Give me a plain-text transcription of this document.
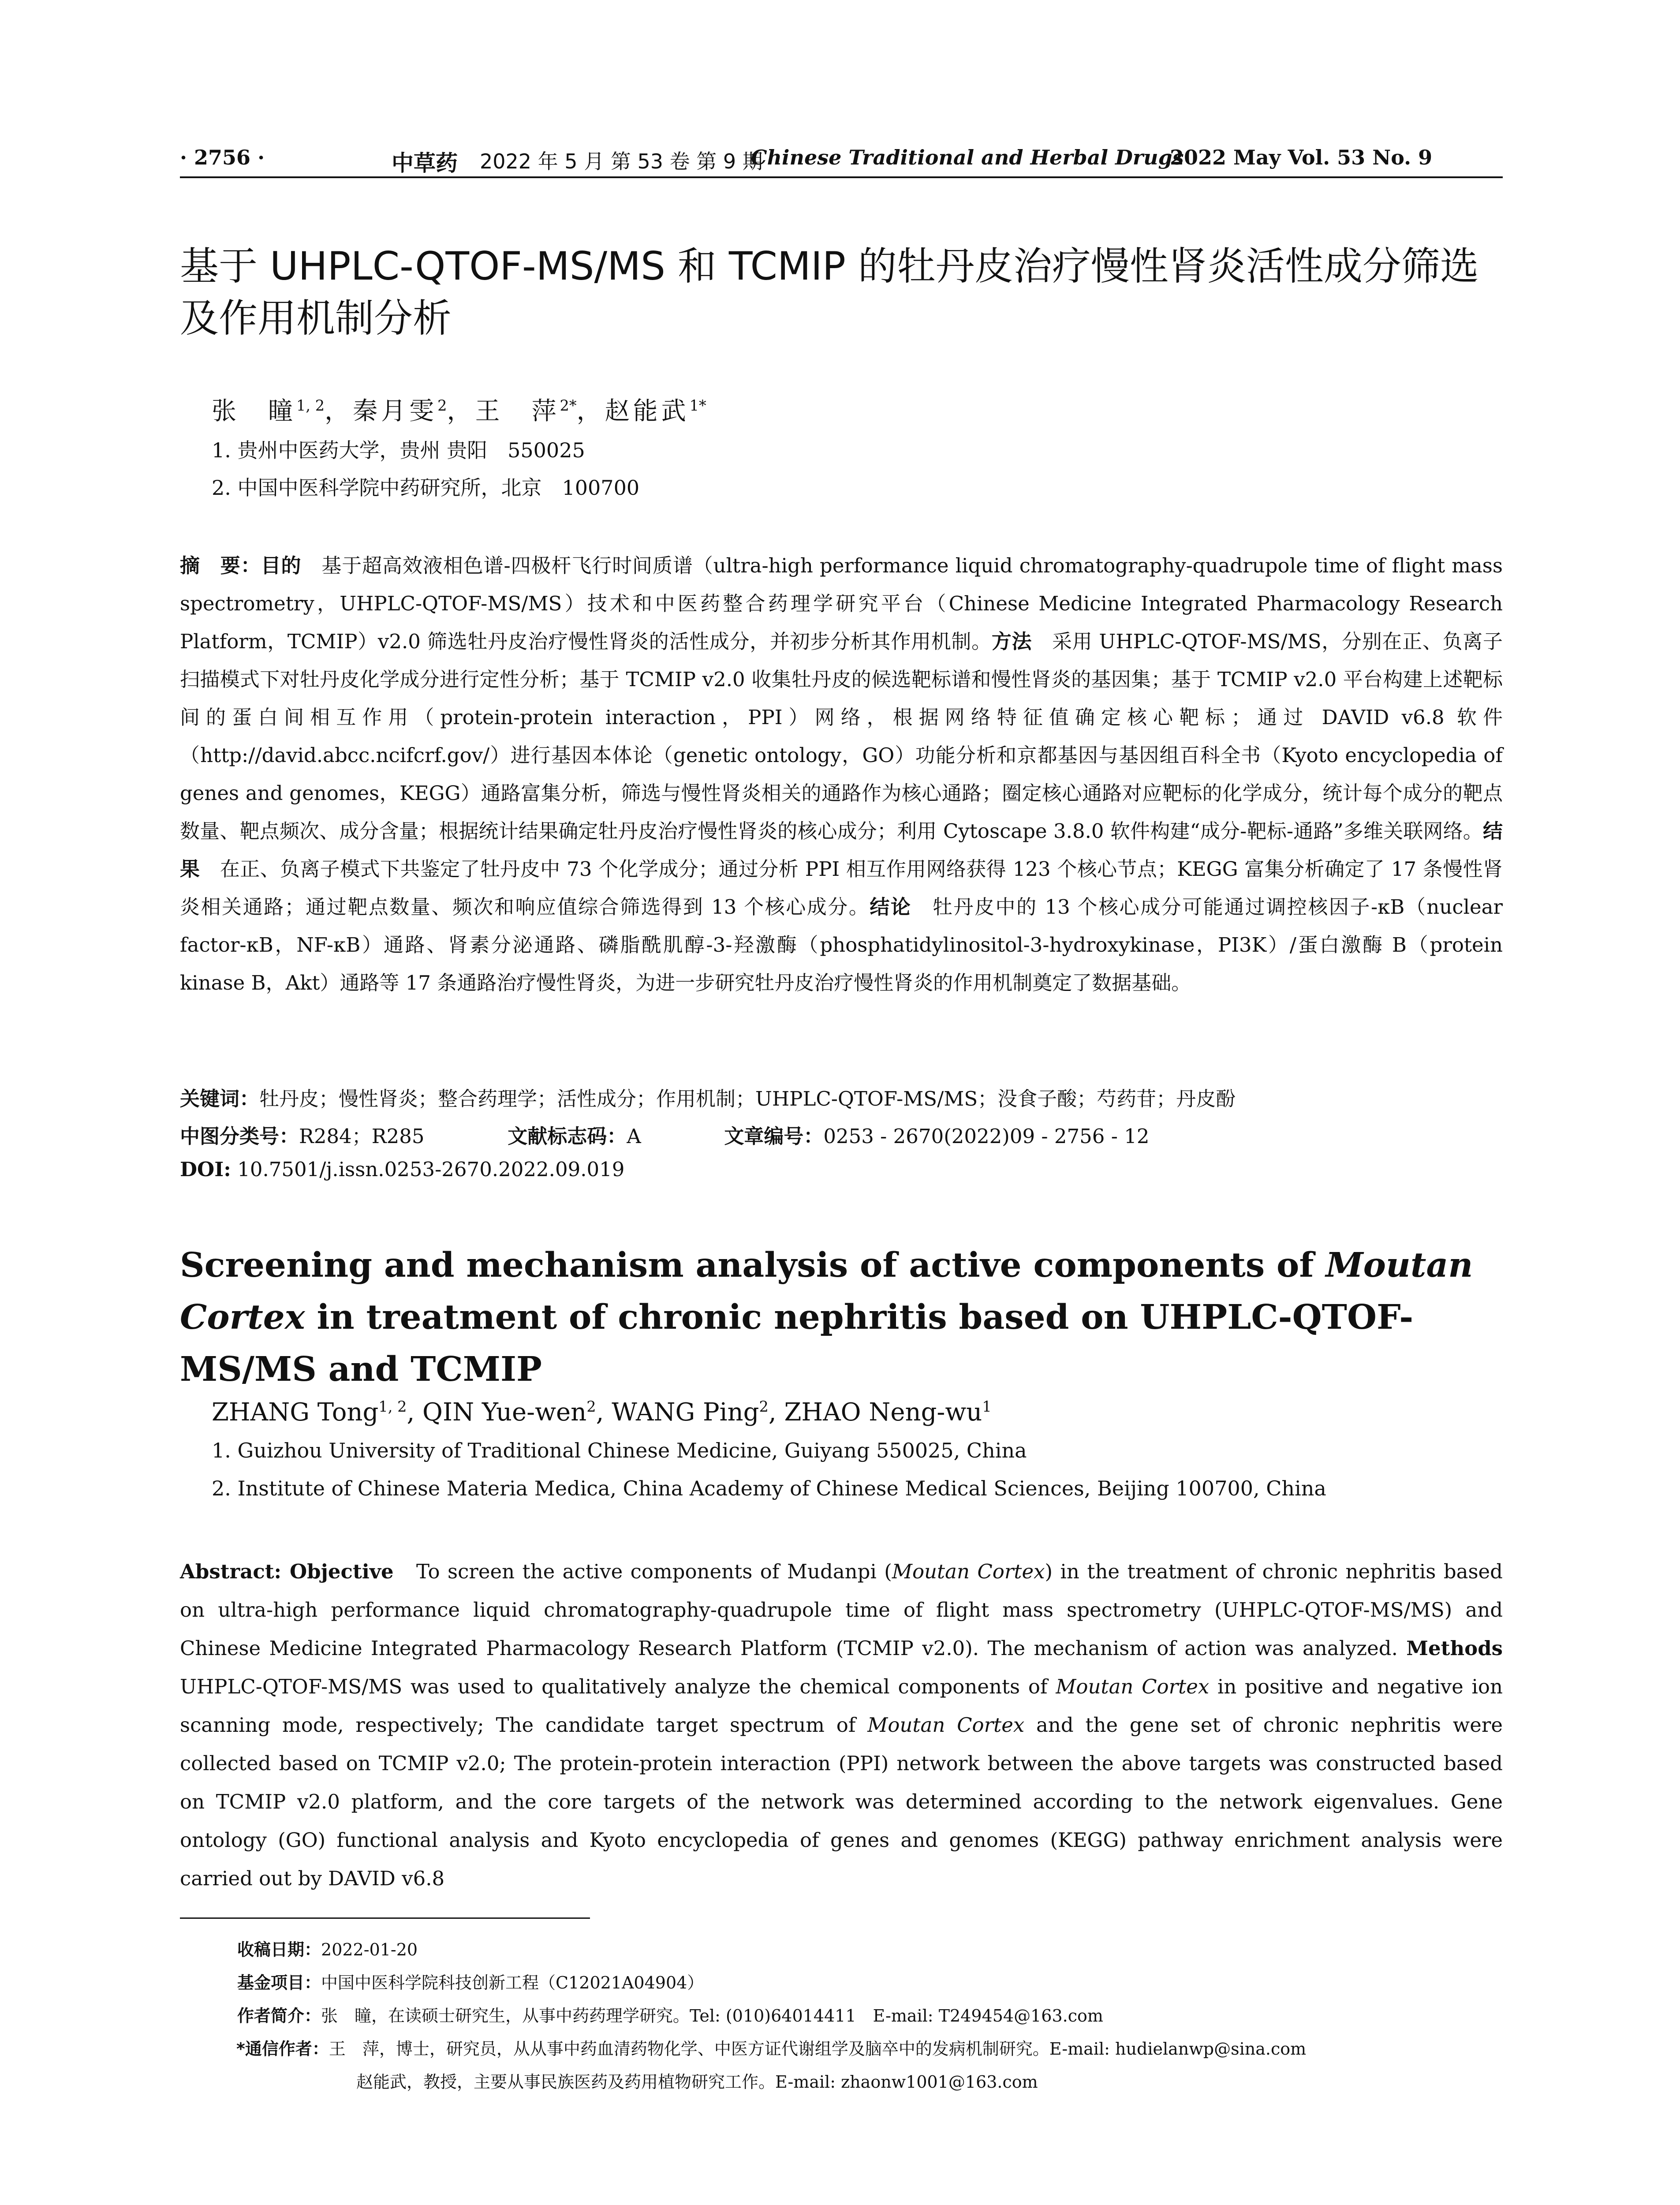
· 2756 ·	中草药 2022 年 5 月 第 53 卷 第 9 期
Chinese Traditional and Herbal Drugs
2022 May Vol. 53 No. 9
基于 UHPLC-QTOF-MS/MS 和 TCMIP 的牡丹皮治疗慢性肾炎活性成分筛选及作用机制分析
张　瞳$^{1, 2}$，秦月雯$^2$，王　萍$^{2*}$，赵能武$^{1*}$
1. 贵州中医药大学，贵州 贵阳　550025
2. 中国中医科学院中药研究所，北京　100700
摘　要：目的　 基于超高效液相色谱-四极杆飞行时间质谱（ultra-high performance liquid chromatography-quadrupole time of flight mass spectrometry，UHPLC-QTOF-MS/MS）技术和中医药整合药理学研究平台（Chinese Medicine Integrated Pharmacology Research Platform，TCMIP）v2.0 筛选牡丹皮治疗慢性肾炎的活性成分，并初步分析其作用机制。方法　 采用 UHPLC-QTOF-MS/MS，分别在正、负离子扫描模式下对牡丹皮化学成分进行定性分析；基于 TCMIP v2.0 收集牡丹皮的候选靶标谱和慢性肾炎的基因集；基于 TCMIP v2.0 平台构建上述靶标间的蛋白间相互作用（protein-protein interaction，PPI）网络，根据网络特征值确定核心靶标；通过 DAVID v6.8 软件（http://david.abcc.ncifcrf.gov/）进行基因本体论（genetic ontology，GO）功能分析和京都基因与基因组百科全书（Kyoto encyclopedia of genes and genomes，KEGG）通路富集分析，筛选与慢性肾炎相关的通路作为核心通路；圈定核心通路对应靶标的化学成分，统计每个成分的靶点数量、靶点频次、成分含量；根据统计结果确定牡丹皮治疗慢性肾炎的核心成分；利用 Cytoscape 3.8.0 软件构建“成分-靶标-通路”多维关联网络。结果　 在正、负离子模式下共鉴定了牡丹皮中 73 个化学成分；通过分析 PPI 相互作用网络获得 123 个核心节点；KEGG 富集分析确定了 17 条慢性肾炎相关通路；通过靶点数量、频次和响应值综合筛选得到 13 个核心成分。结论　 牡丹皮中的 13 个核心成分可能通过调控核因子-κB（nuclear factor-κB，NF-κB）通路、肾素分泌通路、磷脂酰肌醇-3-羟激酶（phosphatidylinositol-3-hydroxykinase，PI3K）/蛋白激酶 B（protein kinase B，Akt）通路等 17 条通路治疗慢性肾炎，为进一步研究牡丹皮治疗慢性肾炎的作用机制奠定了数据基础。
关键词：牡丹皮；慢性肾炎；整合药理学；活性成分；作用机制；UHPLC-QTOF-MS/MS；没食子酸；芍药苷；丹皮酚
中图分类号：R284；R285	文献标志码：A	文章编号：0253 - 2670(2022)09 - 2756 - 12
DOI: 10.7501/j.issn.0253-2670.2022.09.019
Screening and mechanism analysis of active components of Moutan Cortex in treatment of chronic nephritis based on UHPLC-QTOF-MS/MS and TCMIP
ZHANG Tong$^{1, 2}$, QIN Yue-wen$^2$, WANG Ping$^2$, ZHAO Neng-$wu^1$
1. Guizhou University of Traditional Chinese Medicine, Guiyang 550025, China
2. Institute of Chinese Materia Medica, China Academy of Chinese Medical Sciences, Beijing 100700, China
Abstract: Objective　 To screen the active components of Mudanpi (Moutan Cortex) in the treatment of chronic nephritis based on ultra-high performance liquid chromatography-quadrupole time of flight mass spectrometry (UHPLC-QTOF-MS/MS) and Chinese Medicine Integrated Pharmacology Research Platform (TCMIP v2.0). The mechanism of action was analyzed. Methods　UHPLC-QTOF-MS/MS was used to qualitatively analyze the chemical components of Moutan Cortex in positive and negative ion scanning mode, respectively; The candidate target spectrum of Moutan Cortex and the gene set of chronic nephritis were collected based on TCMIP v2.0; The protein-protein interaction (PPI) network between the above targets was constructed based on TCMIP v2.0 platform, and the core targets of the network was determined according to the network eigenvalues. Gene ontology (GO) functional analysis and Kyoto encyclopedia of genes and genomes (KEGG) pathway enrichment analysis were carried out by DAVID v6.8
收稿日期：2022-01-20
基金项目：中国中医科学院科技创新工程（C12021A04904）
作者简介：张　瞳，在读硕士研究生，从事中药药理学研究。Tel: (010)64014411　E-mail: T249454@163.com
*通信作者：王　萍，博士，研究员，从从事中药血清药物化学、中医方证代谢组学及脑卒中的发病机制研究。E-mail: hudielanwp@sina.com
赵能武，教授，主要从事民族医药及药用植物研究工作。E-mail: zhaonw1001@163.com
